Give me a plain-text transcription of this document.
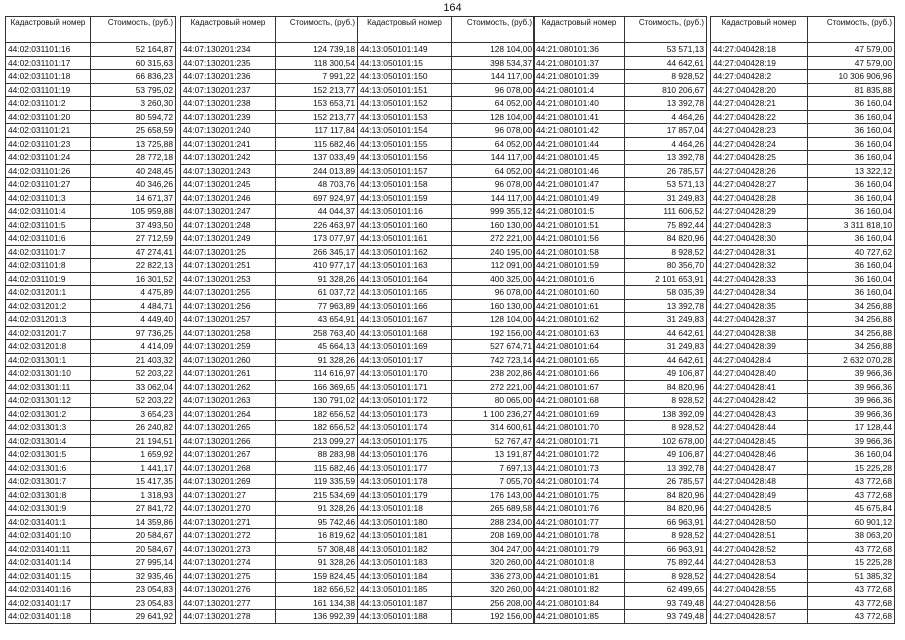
164
Кадастровый номер	Стоимость, (руб.)
44:02:031101:16	52 164,87
44:02:031101:17	60 315,63
44:02:031101:18	66 836,23
44:02:031101:19	53 795,02
44:02:031101:2	3 260,30
44:02:031101:20	80 594,72
44:02:031101:21	25 658,59
44:02:031101:23	13 725,88
44:02:031101:24	28 772,18
44:02:031101:26	40 248,45
44:02:031101:27	40 346,26
44:02:031101:3	14 671,37
44:02:031101:4	105 959,88
44:02:031101:5	37 493,50
44:02:031101:6	27 712,59
44:02:031101:7	47 274,41
44:02:031101:8	22 822,13
44:02:031101:9	16 301,52
44:02:031201:1	4 475,89
44:02:031201:2	4 484,71
44:02:031201:3	4 449,40
44:02:031201:7	97 736,25
44:02:031201:8	4 414,09
44:02:031301:1	21 403,32
44:02:031301:10	52 203,22
44:02:031301:11	33 062,04
44:02:031301:12	52 203,22
44:02:031301:2	3 654,23
44:02:031301:3	26 240,82
44:02:031301:4	21 194,51
44:02:031301:5	1 659,92
44:02:031301:6	1 441,17
44:02:031301:7	15 417,35
44:02:031301:8	1 318,93
44:02:031301:9	27 841,72
44:02:031401:1	14 359,86
44:02:031401:10	20 584,67
44:02:031401:11	20 584,67
44:02:031401:14	27 995,14
44:02:031401:15	32 935,46
44:02:031401:16	23 054,83
44:02:031401:17	23 054,83
44:02:031401:18	29 641,92
Кадастровый номер	Стоимость, (руб.)
44:07:130201:234	124 739,18
44:07:130201:235	118 300,54
44:07:130201:236	7 991,22
44:07:130201:237	152 213,77
44:07:130201:238	153 653,71
44:07:130201:239	152 213,77
44:07:130201:240	117 117,84
44:07:130201:241	115 682,46
44:07:130201:242	137 033,49
44:07:130201:243	244 013,89
44:07:130201:245	48 703,76
44:07:130201:246	697 924,97
44:07:130201:247	44 044,37
44:07:130201:248	226 463,97
44:07:130201:249	173 077,97
44:07:130201:25	266 345,17
44:07:130201:251	410 977,17
44:07:130201:253	91 328,26
44:07:130201:255	61 037,72
44:07:130201:256	77 963,89
44:07:130201:257	43 654,91
44:07:130201:258	258 763,40
44:07:130201:259	45 664,13
44:07:130201:260	91 328,26
44:07:130201:261	114 616,97
44:07:130201:262	166 369,65
44:07:130201:263	130 791,02
44:07:130201:264	182 656,52
44:07:130201:265	182 656,52
44:07:130201:266	213 099,27
44:07:130201:267	88 283,98
44:07:130201:268	115 682,46
44:07:130201:269	119 335,59
44:07:130201:27	215 534,69
44:07:130201:270	91 328,26
44:07:130201:271	95 742,46
44:07:130201:272	16 819,62
44:07:130201:273	57 308,48
44:07:130201:274	91 328,26
44:07:130201:275	159 824,45
44:07:130201:276	182 656,52
44:07:130201:277	161 134,38
44:07:130201:278	136 992,39
Кадастровый номер	Стоимость, (руб.)
44:13:050101:149	128 104,00
44:13:050101:15	398 534,37
44:13:050101:150	144 117,00
44:13:050101:151	96 078,00
44:13:050101:152	64 052,00
44:13:050101:153	128 104,00
44:13:050101:154	96 078,00
44:13:050101:155	64 052,00
44:13:050101:156	144 117,00
44:13:050101:157	64 052,00
44:13:050101:158	96 078,00
44:13:050101:159	144 117,00
44:13:050101:16	999 355,12
44:13:050101:160	160 130,00
44:13:050101:161	272 221,00
44:13:050101:162	240 195,00
44:13:050101:163	112 091,00
44:13:050101:164	400 325,00
44:13:050101:165	96 078,00
44:13:050101:166	160 130,00
44:13:050101:167	128 104,00
44:13:050101:168	192 156,00
44:13:050101:169	527 674,71
44:13:050101:17	742 723,14
44:13:050101:170	238 202,86
44:13:050101:171	272 221,00
44:13:050101:172	80 065,00
44:13:050101:173	1 100 236,27
44:13:050101:174	314 600,61
44:13:050101:175	52 767,47
44:13:050101:176	13 191,87
44:13:050101:177	7 697,13
44:13:050101:178	7 055,70
44:13:050101:179	176 143,00
44:13:050101:18	265 689,58
44:13:050101:180	288 234,00
44:13:050101:181	208 169,00
44:13:050101:182	304 247,00
44:13:050101:183	320 260,00
44:13:050101:184	336 273,00
44:13:050101:185	320 260,00
44:13:050101:187	256 208,00
44:13:050101:188	192 156,00
Кадастровый номер	Стоимость, (руб.)
44:21:080101:36	53 571,13
44:21:080101:37	44 642,61
44:21:080101:39	8 928,52
44:21:080101:4	810 206,67
44:21:080101:40	13 392,78
44:21:080101:41	4 464,26
44:21:080101:42	17 857,04
44:21:080101:44	4 464,26
44:21:080101:45	13 392,78
44:21:080101:46	26 785,57
44:21:080101:47	53 571,13
44:21:080101:49	31 249,83
44:21:080101:5	111 606,52
44:21:080101:51	75 892,44
44:21:080101:56	84 820,96
44:21:080101:58	8 928,52
44:21:080101:59	80 356,70
44:21:080101:6	2 101 653,91
44:21:080101:60	58 035,39
44:21:080101:61	13 392,78
44:21:080101:62	31 249,83
44:21:080101:63	44 642,61
44:21:080101:64	31 249,83
44:21:080101:65	44 642,61
44:21:080101:66	49 106,87
44:21:080101:67	84 820,96
44:21:080101:68	8 928,52
44:21:080101:69	138 392,09
44:21:080101:70	8 928,52
44:21:080101:71	102 678,00
44:21:080101:72	49 106,87
44:21:080101:73	13 392,78
44:21:080101:74	26 785,57
44:21:080101:75	84 820,96
44:21:080101:76	84 820,96
44:21:080101:77	66 963,91
44:21:080101:78	8 928,52
44:21:080101:79	66 963,91
44:21:080101:8	75 892,44
44:21:080101:81	8 928,52
44:21:080101:82	62 499,65
44:21:080101:84	93 749,48
44:21:080101:85	93 749,48
Кадастровый номер	Стоимость, (руб.)
44:27:040428:18	47 579,00
44:27:040428:19	47 579,00
44:27:040428:2	10 306 906,96
44:27:040428:20	81 835,88
44:27:040428:21	36 160,04
44:27:040428:22	36 160,04
44:27:040428:23	36 160,04
44:27:040428:24	36 160,04
44:27:040428:25	36 160,04
44:27:040428:26	13 322,12
44:27:040428:27	36 160,04
44:27:040428:28	36 160,04
44:27:040428:29	36 160,04
44:27:040428:3	3 311 818,10
44:27:040428:30	36 160,04
44:27:040428:31	40 727,62
44:27:040428:32	36 160,04
44:27:040428:33	36 160,04
44:27:040428:34	36 160,04
44:27:040428:35	34 256,88
44:27:040428:37	34 256,88
44:27:040428:38	34 256,88
44:27:040428:39	34 256,88
44:27:040428:4	2 632 070,28
44:27:040428:40	39 966,36
44:27:040428:41	39 966,36
44:27:040428:42	39 966,36
44:27:040428:43	39 966,36
44:27:040428:44	17 128,44
44:27:040428:45	39 966,36
44:27:040428:46	36 160,04
44:27:040428:47	15 225,28
44:27:040428:48	43 772,68
44:27:040428:49	43 772,68
44:27:040428:5	45 675,84
44:27:040428:50	60 901,12
44:27:040428:51	38 063,20
44:27:040428:52	43 772,68
44:27:040428:53	15 225,28
44:27:040428:54	51 385,32
44:27:040428:55	43 772,68
44:27:040428:56	43 772,68
44:27:040428:57	43 772,68
